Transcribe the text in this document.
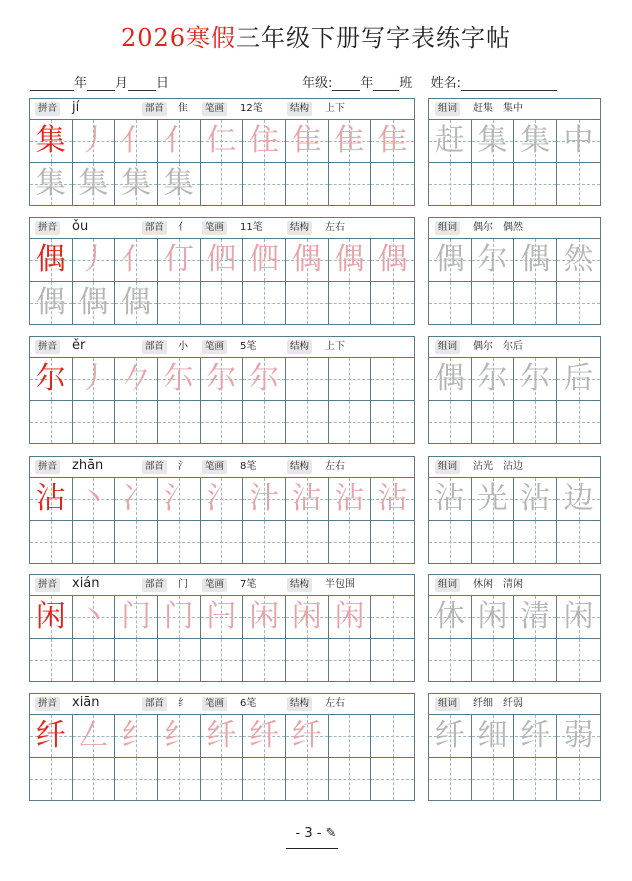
2026寒假三年级下册写字表练字帖
年 月 日	年级: 年 班 姓名:
拼音 jí	部首	隹	笔画	12笔	结构	上下
集 丿 亻 亻 仁 住 隹 隹 隹
集 集 集 集
组词	赶集　集中
赶 集 集 中
拼音 ǒu	部首	亻	笔画	11笔	结构	左右
偶 丿 亻 仃 伵 伵 偶 偶 偶
偶 偶 偶
组词	偶尔　偶然
偶 尔 偶 然
拼音 ěr	部首	小	笔画	5笔	结构	上下
尔 丿 𠂊 尓 尔 尔
组词	偶尔　尔后
偶 尔 尔 后
拼音 zhān	部首	氵	笔画	8笔	结构	左右
沾 丶 冫 氵 氵 汁 沾 沾 沾
组词	沾光　沾边
沾 光 沾 边
拼音 xián	部首	门	笔画	7笔	结构	半包围
闲 丶 门 门 闩 闲 闲 闲
组词	休闲　清闲
休 闲 清 闲
拼音 xiān	部首	纟	笔画	6笔	结构	左右
纤 𠃋 纟 纟 纤 纤 纤
组词	纤细　纤弱
纤 细 纤 弱
- 3 - ✎
